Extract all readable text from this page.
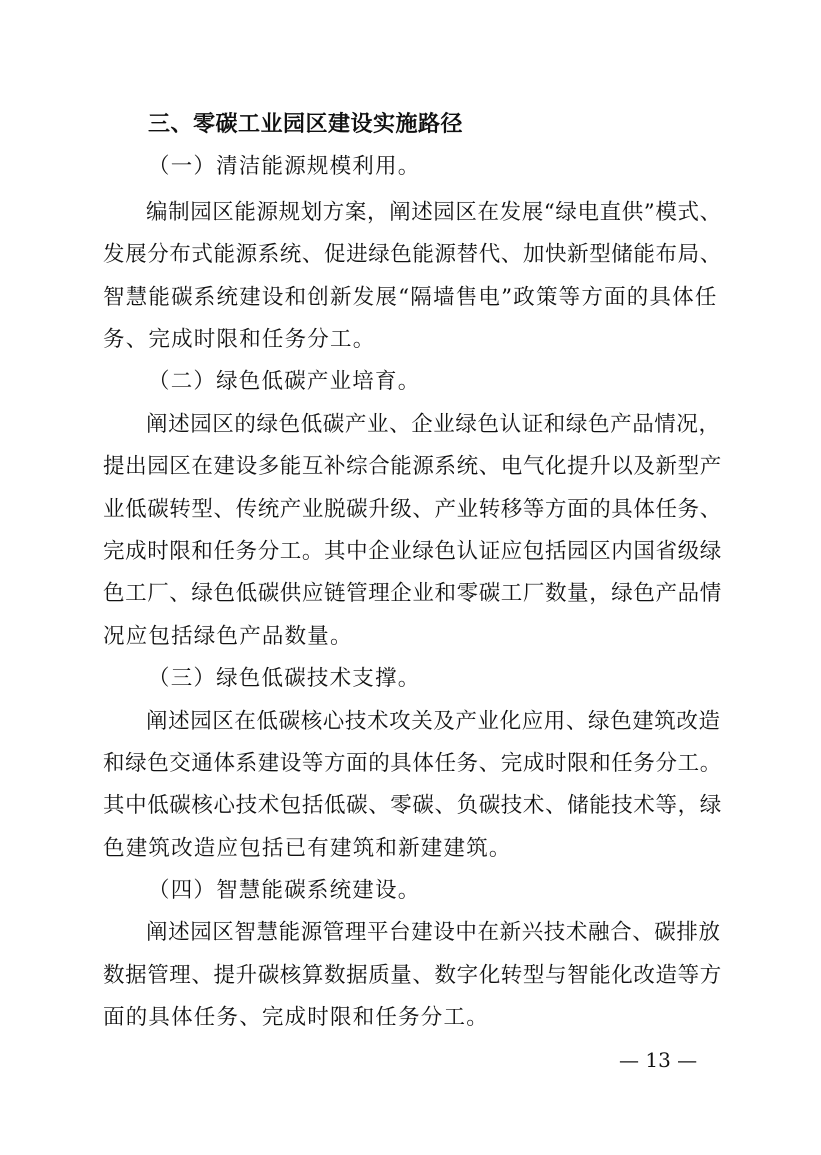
三、零碳工业园区建设实施路径
（一）清洁能源规模利用。
编制园区能源规划方案，阐述园区在发展“绿电直供”模式、
发展分布式能源系统、促进绿色能源替代、加快新型储能布局、
智慧能碳系统建设和创新发展“隔墙售电”政策等方面的具体任
务、完成时限和任务分工。
（二）绿色低碳产业培育。
阐述园区的绿色低碳产业、企业绿色认证和绿色产品情况，
提出园区在建设多能互补综合能源系统、电气化提升以及新型产
业低碳转型、传统产业脱碳升级、产业转移等方面的具体任务、
完成时限和任务分工。其中企业绿色认证应包括园区内国省级绿
色工厂、绿色低碳供应链管理企业和零碳工厂数量，绿色产品情
况应包括绿色产品数量。
（三）绿色低碳技术支撑。
阐述园区在低碳核心技术攻关及产业化应用、绿色建筑改造
和绿色交通体系建设等方面的具体任务、完成时限和任务分工。
其中低碳核心技术包括低碳、零碳、负碳技术、储能技术等，绿
色建筑改造应包括已有建筑和新建建筑。
（四）智慧能碳系统建设。
阐述园区智慧能源管理平台建设中在新兴技术融合、碳排放
数据管理、提升碳核算数据质量、数字化转型与智能化改造等方
面的具体任务、完成时限和任务分工。
— 13 —
